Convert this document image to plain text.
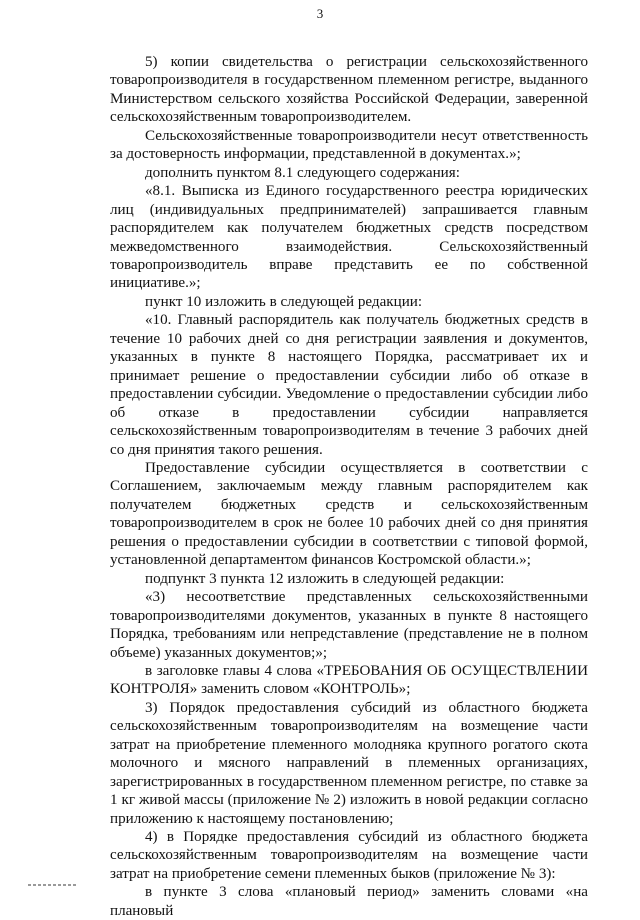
3

5) копии свидетельства о регистрации сельскохозяйственного товаропроизводителя в государственном племенном регистре, выданного Министерством сельского хозяйства Российской Федерации, заверенной сельскохозяйственным товаропроизводителем.

Сельскохозяйственные товаропроизводители несут ответственность за достоверность информации, представленной в документах.»;

дополнить пунктом 8.1 следующего содержания:

«8.1. Выписка из Единого государственного реестра юридических лиц (индивидуальных предпринимателей) запрашивается главным распорядителем как получателем бюджетных средств посредством межведомственного взаимодействия. Сельскохозяйственный товаропроизводитель вправе представить ее по собственной инициативе.»;

пункт 10 изложить в следующей редакции:

«10. Главный распорядитель как получатель бюджетных средств в течение 10 рабочих дней со дня регистрации заявления и документов, указанных в пункте 8 настоящего Порядка, рассматривает их и принимает решение о предоставлении субсидии либо об отказе в предоставлении субсидии. Уведомление о предоставлении субсидии либо об отказе в предоставлении субсидии направляется сельскохозяйственным товаропроизводителям в течение 3 рабочих дней со дня принятия такого решения.

Предоставление субсидии осуществляется в соответствии с Соглашением, заключаемым между главным распорядителем как получателем бюджетных средств и сельскохозяйственным товаропроизводителем в срок не более 10 рабочих дней со дня принятия решения о предоставлении субсидии в соответствии с типовой формой, установленной департаментом финансов Костромской области.»;

подпункт 3 пункта 12 изложить в следующей редакции:

«3) несоответствие представленных сельскохозяйственными товаропроизводителями документов, указанных в пункте 8 настоящего Порядка, требованиям или непредставление (представление не в полном объеме) указанных документов;»;

в заголовке главы 4 слова «ТРЕБОВАНИЯ ОБ ОСУЩЕСТВЛЕНИИ КОНТРОЛЯ» заменить словом «КОНТРОЛЬ»;

3) Порядок предоставления субсидий из областного бюджета сельскохозяйственным товаропроизводителям на возмещение части затрат на приобретение племенного молодняка крупного рогатого скота молочного и мясного направлений в племенных организациях, зарегистрированных в государственном племенном регистре, по ставке за 1 кг живой массы (приложение № 2) изложить в новой редакции согласно приложению к настоящему постановлению;

4) в Порядке предоставления субсидий из областного бюджета сельскохозяйственным товаропроизводителям на возмещение части затрат на приобретение семени племенных быков (приложение № 3):

в пункте 3 слова «плановый период» заменить словами «на плановый
